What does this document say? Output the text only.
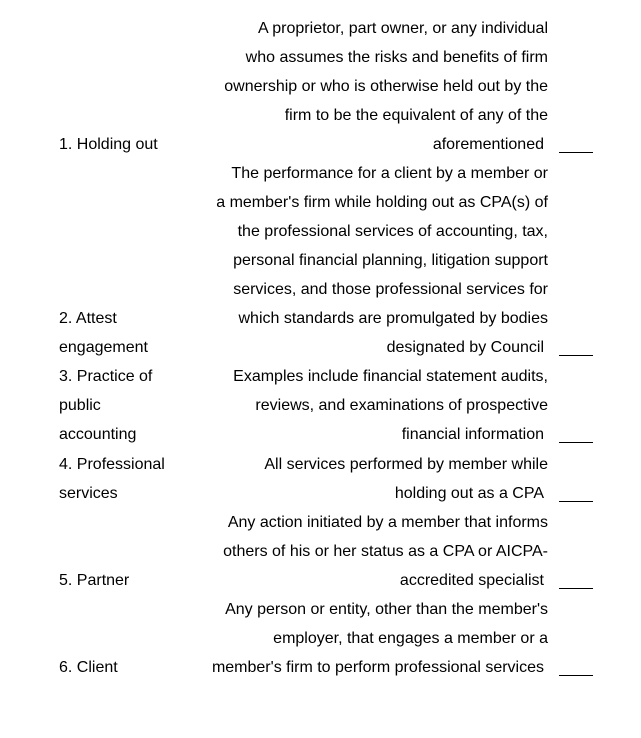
1. Holding out
2. Attest
engagement
3. Practice of
public
accounting
4. Professional
services
5. Partner
6. Client
A proprietor, part owner, or any individual
who assumes the risks and benefits of firm
ownership or who is otherwise held out by the
firm to be the equivalent of any of the
aforementioned
The performance for a client by a member or
a member's firm while holding out as CPA(s) of
the professional services of accounting, tax,
personal financial planning, litigation support
services, and those professional services for
which standards are promulgated by bodies
designated by Council
Examples include financial statement audits,
reviews, and examinations of prospective
financial information
All services performed by member while
holding out as a CPA
Any action initiated by a member that informs
others of his or her status as a CPA or AICPA-
accredited specialist
Any person or entity, other than the member's
employer, that engages a member or a
member's firm to perform professional services
